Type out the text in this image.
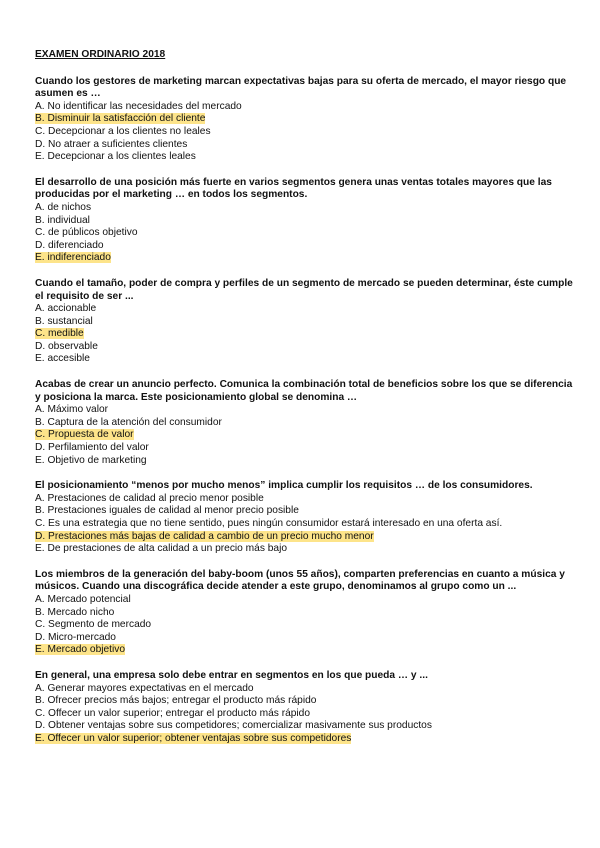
EXAMEN ORDINARIO 2018
Cuando los gestores de marketing marcan expectativas bajas para su oferta de mercado, el mayor riesgo que asumen es …
A. No identificar las necesidades del mercado
B. Disminuir la satisfacción del cliente
C. Decepcionar a los clientes no leales
D. No atraer a suficientes clientes
E. Decepcionar a los clientes leales
El desarrollo de una posición más fuerte en varios segmentos genera unas ventas totales mayores que las producidas por el marketing … en todos los segmentos.
A. de nichos
B. individual
C. de públicos objetivo
D. diferenciado
E. indiferenciado
Cuando el tamaño, poder de compra y perfiles de un segmento de mercado se pueden determinar, éste cumple el requisito de ser ...
A. accionable
B. sustancial
C. medible
D. observable
E. accesible
Acabas de crear un anuncio perfecto. Comunica la combinación total de beneficios sobre los que se diferencia y posiciona la marca. Este posicionamiento global se denomina …
A. Máximo valor
B. Captura de la atención del consumidor
C. Propuesta de valor
D. Perfilamiento del valor
E. Objetivo de marketing
El posicionamiento “menos por mucho menos” implica cumplir los requisitos … de los consumidores.
A. Prestaciones de calidad al precio menor posible
B. Prestaciones iguales de calidad al menor precio posible
C. Es una estrategia que no tiene sentido, pues ningún consumidor estará interesado en una oferta así.
D. Prestaciones más bajas de calidad a cambio de un precio mucho menor
E. De prestaciones de alta calidad a un precio más bajo
Los miembros de la generación del baby-boom (unos 55 años), comparten preferencias en cuanto a música y músicos. Cuando una discográfica decide atender a este grupo, denominamos al grupo como un ...
A. Mercado potencial
B. Mercado nicho
C. Segmento de mercado
D. Micro-mercado
E. Mercado objetivo
En general, una empresa solo debe entrar en segmentos en los que pueda … y ...
A. Generar mayores expectativas en el mercado
B. Ofrecer precios más bajos; entregar el producto más rápido
C. Offecer un valor superior; entregar el producto más rápido
D. Obtener ventajas sobre sus competidores; comercializar masivamente sus productos
E. Offecer un valor superior; obtener ventajas sobre sus competidores
